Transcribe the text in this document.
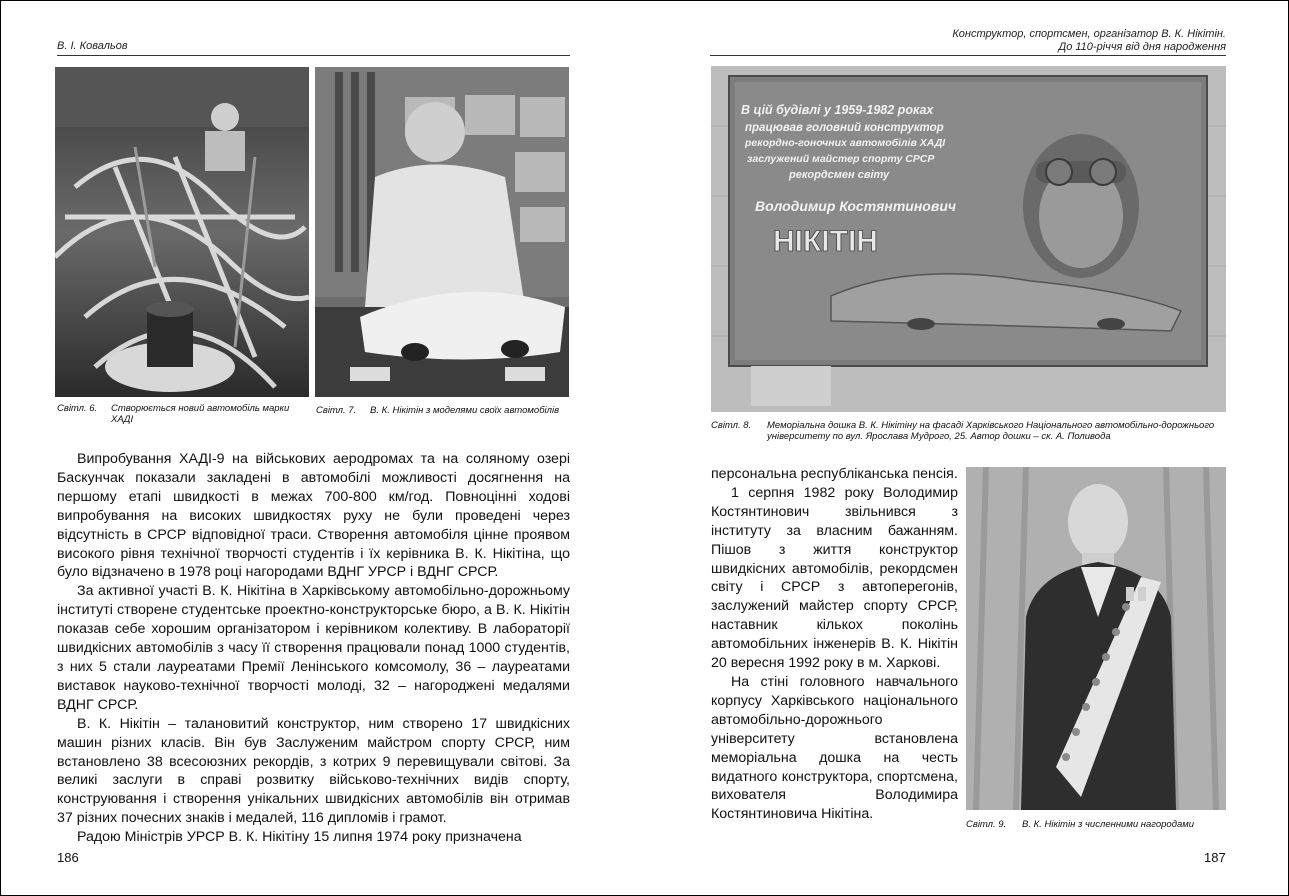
В. І. Ковальов
Світл. 6.	Створюється новий автомобіль марки ХАДІ
Світл. 7.	В. К. Нікітін з моделями своїх автомобілів

Випробування ХАДІ-9 на військових аеродромах та на соляному озері Баскунчак показали закладені в автомобілі можливості досягнення на першому етапі швидкості в межах 700-800 км/год. Повноцінні ходові випробування на високих швидкостях руху не були проведені через відсутність в СРСР відповідної траси. Створення автомобіля цінне проявом високого рівня технічної творчості студентів і їх керівника В. К. Нікітіна, що було відзначено в 1978 році нагородами ВДНГ УРСР і ВДНГ СРСР.

За активної участі В. К. Нікітіна в Харківському автомобільно-дорожньому інституті створене студентське проектно-конструкторське бюро, а В. К. Нікітін показав себе хорошим організатором і керівником колективу. В лабораторії швидкісних автомобілів з часу її створення працювали понад 1000 студентів, з них 5 стали лауреатами Премії Ленінського комсомолу, 36 – лауреатами виставок науково-технічної творчості молоді, 32 – нагороджені медалями ВДНГ СРСР.

В. К. Нікітін – талановитий конструктор, ним створено 17 швидкісних машин різних класів. Він був Заслуженим майстром спорту СРСР, ним встановлено 38 всесоюзних рекордів, з котрих 9 перевищували світові. За великі заслуги в справі розвитку військово-технічних видів спорту, конструювання і створення унікальних швидкісних автомобілів він отримав 37 різних почесних знаків і медалей, 116 дипломів і грамот.

Радою Міністрів УРСР В. К. Нікітіну 15 липня 1974 року призначена

186
Конструктор, спортсмен, організатор В. К. Нікітін.
До 110-річчя від дня народження
В цій будівлі у 1959-1982 роках
працював головний конструктор
рекордно-гоночних автомобілів ХАДІ
заслужений майстер спорту СРСР
рекордсмен світу
Володимир Костянтинович
НІКІТІН
Світл. 8.	Меморіальна дошка В. К. Нікітіну на фасаді Харківського Національного автомобільно-дорожнього університету по вул. Ярослава Мудрого, 25. Автор дошки – ск. А. Поливода

персональна республіканська пенсія.

1 серпня 1982 року Володимир Костянтинович звільнився з інституту за власним бажанням. Пішов з життя конструктор швидкісних автомобілів, рекордсмен світу і СРСР з автоперегонів, заслужений майстер спорту СРСР, наставник кількох поколінь автомобільних інженерів В. К. Нікітін 20 вересня 1992 року в м. Харкові.

На стіні головного навчального корпусу Харківського національного автомобільно-дорожнього університету встановлена меморіальна дошка на честь видатного конструктора, спортсмена, вихователя Володимира Костянтиновича Нікітіна.

Світл. 9.	В. К. Нікітін з численними нагородами
187
